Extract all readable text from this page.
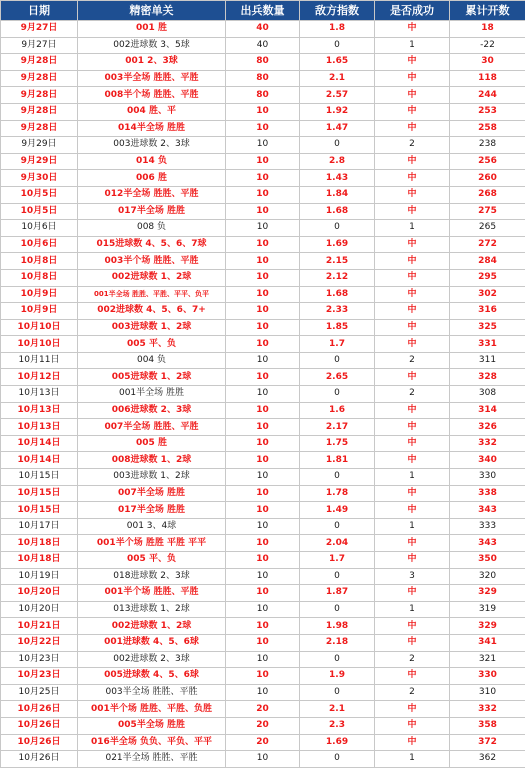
日期	精密单关	出兵数量	敌方指数	是否成功	累计开数
9月27日	001 胜	40	1.8	中	18
9月27日	002进球数 3、5球	40	0	1	-22
9月28日	001 2、3球	80	1.65	中	30
9月28日	003半全场 胜胜、平胜	80	2.1	中	118
9月28日	008半个场 胜胜、平胜	80	2.57	中	244
9月28日	004 胜、平	10	1.92	中	253
9月28日	014半全场 胜胜	10	1.47	中	258
9月29日	003进球数 2、3球	10	0	2	238
9月29日	014 负	10	2.8	中	256
9月30日	006 胜	10	1.43	中	260
10月5日	012半全场 胜胜、平胜	10	1.84	中	268
10月5日	017半全场 胜胜	10	1.68	中	275
10月6日	008 负	10	0	1	265
10月6日	015进球数 4、5、6、7球	10	1.69	中	272
10月8日	003半个场 胜胜、平胜	10	2.15	中	284
10月8日	002进球数 1、2球	10	2.12	中	295
10月9日	001半全场 胜胜、平胜、平平、负平	10	1.68	中	302
10月9日	002进球数 4、5、6、7+	10	2.33	中	316
10月10日	003进球数 1、2球	10	1.85	中	325
10月10日	005 平、负	10	1.7	中	331
10月11日	004 负	10	0	2	311
10月12日	005进球数 1、2球	10	2.65	中	328
10月13日	001半全场 胜胜	10	0	2	308
10月13日	006进球数 2、3球	10	1.6	中	314
10月13日	007半全场 胜胜、平胜	10	2.17	中	326
10月14日	005 胜	10	1.75	中	332
10月14日	008进球数 1、2球	10	1.81	中	340
10月15日	003进球数 1、2球	10	0	1	330
10月15日	007半全场 胜胜	10	1.78	中	338
10月15日	017半全场 胜胜	10	1.49	中	343
10月17日	001 3、4球	10	0	1	333
10月18日	001半个场 胜胜 平胜 平平	10	2.04	中	343
10月18日	005 平、负	10	1.7	中	350
10月19日	018进球数 2、3球	10	0	3	320
10月20日	001半个场 胜胜、平胜	10	1.87	中	329
10月20日	013进球数 1、2球	10	0	1	319
10月21日	002进球数 1、2球	10	1.98	中	329
10月22日	001进球数 4、5、6球	10	2.18	中	341
10月23日	002进球数 2、3球	10	0	2	321
10月23日	005进球数 4、5、6球	10	1.9	中	330
10月25日	003半全场 胜胜、平胜	10	0	2	310
10月26日	001半个场 胜胜、平胜、负胜	20	2.1	中	332
10月26日	005半全场 胜胜	20	2.3	中	358
10月26日	016半全场 负负、平负、平平	20	1.69	中	372
10月26日	021半全场 胜胜、平胜	10	0	1	362
